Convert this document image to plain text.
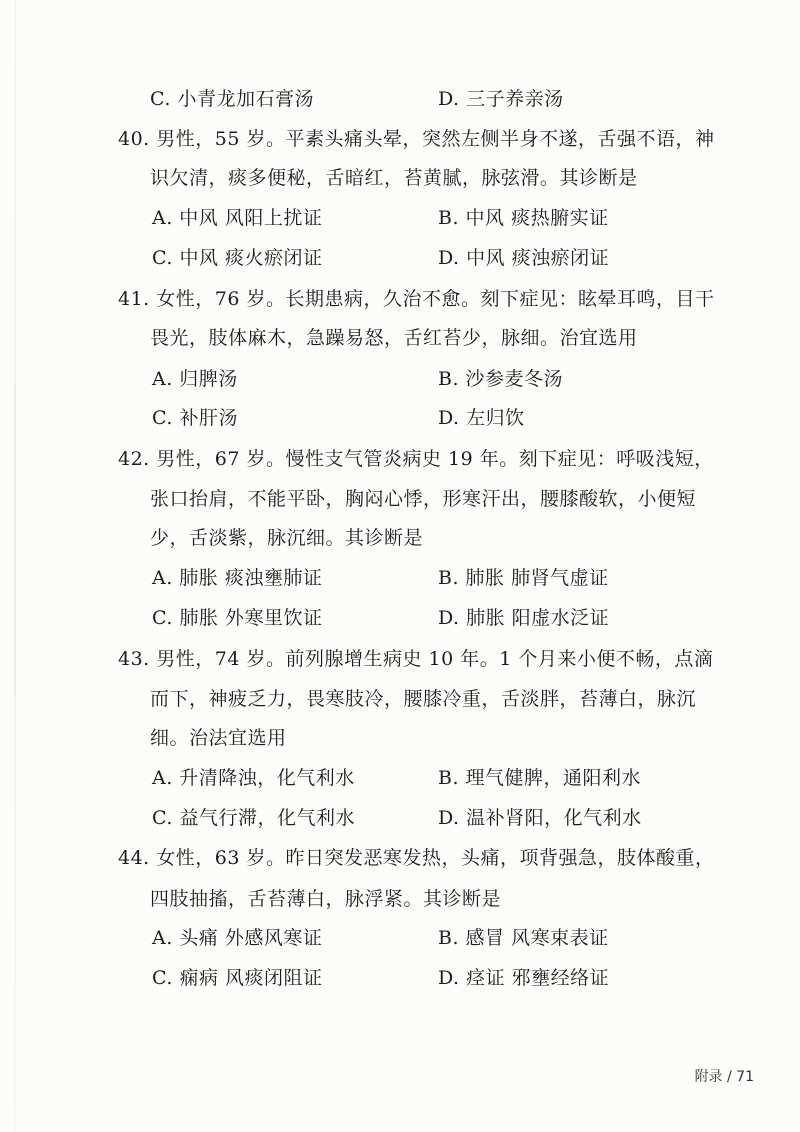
C. 小青龙加石膏汤	D. 三子养亲汤
40. 男性，55 岁。平素头痛头晕，突然左侧半身不遂，舌强不语，神
识欠清，痰多便秘，舌暗红，苔黄腻，脉弦滑。其诊断是
A. 中风 风阳上扰证	B. 中风 痰热腑实证
C. 中风 痰火瘀闭证	D. 中风 痰浊瘀闭证
41. 女性，76 岁。长期患病，久治不愈。刻下症见：眩晕耳鸣，目干
畏光，肢体麻木，急躁易怒，舌红苔少，脉细。治宜选用
A. 归脾汤	B. 沙参麦冬汤
C. 补肝汤	D. 左归饮
42. 男性，67 岁。慢性支气管炎病史 19 年。刻下症见：呼吸浅短，
张口抬肩，不能平卧，胸闷心悸，形寒汗出，腰膝酸软，小便短
少，舌淡紫，脉沉细。其诊断是
A. 肺胀 痰浊壅肺证	B. 肺胀 肺肾气虚证
C. 肺胀 外寒里饮证	D. 肺胀 阳虚水泛证
43. 男性，74 岁。前列腺增生病史 10 年。1 个月来小便不畅，点滴
而下，神疲乏力，畏寒肢冷，腰膝冷重，舌淡胖，苔薄白，脉沉
细。治法宜选用
A. 升清降浊，化气利水	B. 理气健脾，通阳利水
C. 益气行滞，化气利水	D. 温补肾阳，化气利水
44. 女性，63 岁。昨日突发恶寒发热，头痛，项背强急，肢体酸重，
四肢抽搐，舌苔薄白，脉浮紧。其诊断是
A. 头痛 外感风寒证	B. 感冒 风寒束表证
C. 痫病 风痰闭阻证	D. 痉证 邪壅经络证
附录 / 71
